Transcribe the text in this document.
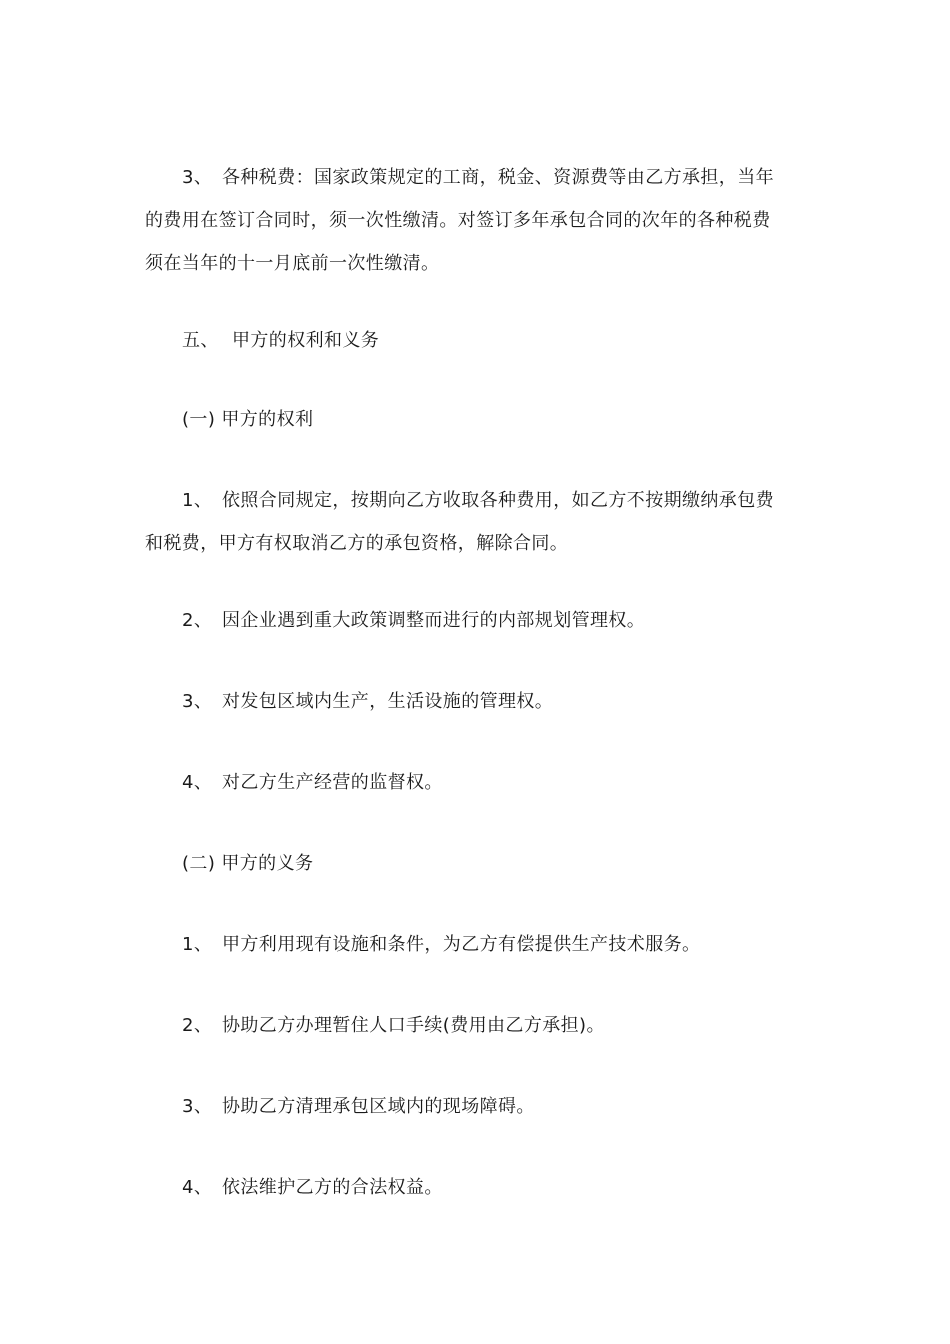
3、 各种税费：国家政策规定的工商，税金、资源费等由乙方承担，当年
的费用在签订合同时，须一次性缴清。对签订多年承包合同的次年的各种税费
须在当年的十一月底前一次性缴清。
五、 甲方的权利和义务
(一) 甲方的权利
1、 依照合同规定，按期向乙方收取各种费用，如乙方不按期缴纳承包费
和税费，甲方有权取消乙方的承包资格，解除合同。
2、 因企业遇到重大政策调整而进行的内部规划管理权。
3、 对发包区域内生产，生活设施的管理权。
4、 对乙方生产经营的监督权。
(二) 甲方的义务
1、 甲方利用现有设施和条件，为乙方有偿提供生产技术服务。
2、 协助乙方办理暂住人口手续(费用由乙方承担)。
3、 协助乙方清理承包区域内的现场障碍。
4、 依法维护乙方的合法权益。
